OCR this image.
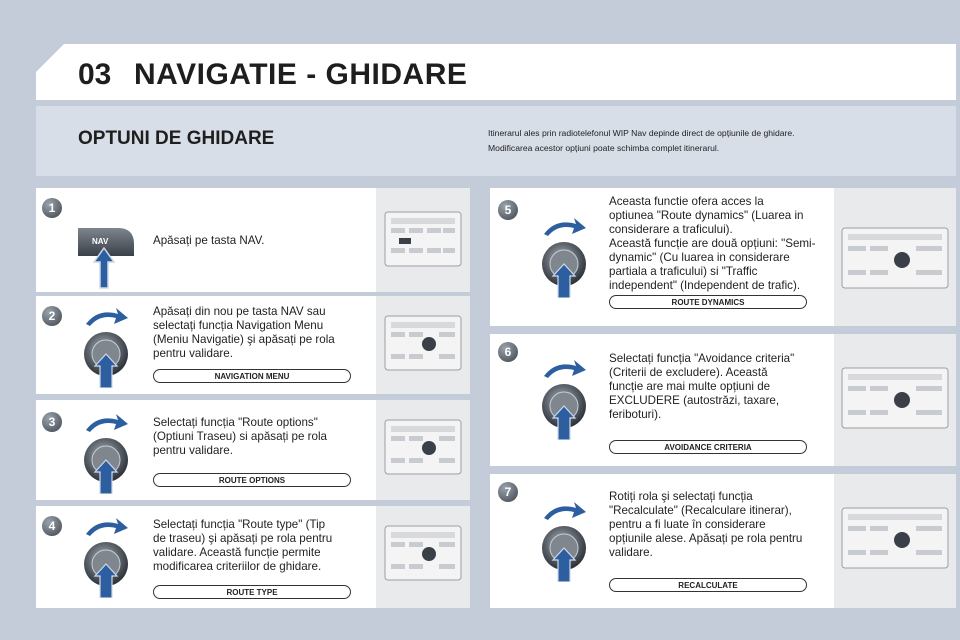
03 NAVIGATIE - GHIDARE
OPTUNI DE GHIDARE	Itinerarul ales prin radiotelefonul WIP Nav depinde direct de opțiunile de ghidare.

Modificarea acestor opțiuni poate schimba complet itinerarul.

1
NAV	Apăsați pe tasta NAV.
2	Apăsați din nou pe tasta NAV sau
selectați funcția Navigation Menu
(Meniu Navigatie) şi apăsați pe rola
pentru validare.
NAVIGATION MENU
3	Selectați funcția "Route options"
(Optiuni Traseu) si apăsați pe rola
pentru validare.
ROUTE OPTIONS
4	Selectați funcția "Route type" (Tip
de traseu) şi apăsați pe rola pentru
validare. Această funcție permite
modificarea criteriilor de ghidare.
ROUTE TYPE
5
Aceasta functie ofera acces la
optiunea "Route dynamics" (Luarea in
considerare a traficului).
Această funcție are două opțiuni: "Semi-
dynamic" (Cu luarea in considerare
partiala a traficului) si "Traffic
independent" (Independent de trafic).
ROUTE DYNAMICS
6	Selectați funcția "Avoidance criteria"
(Criterii de excludere). Această
funcție are mai multe opțiuni de
EXCLUDERE (autostrăzi, taxare,
feriboturi).
AVOIDANCE CRITERIA
7	Rotiți rola şi selectați funcția
"Recalculate" (Recalculare itinerar),
pentru a fi luate în considerare
opțiunile alese. Apăsați pe rola pentru
validare.
RECALCULATE
